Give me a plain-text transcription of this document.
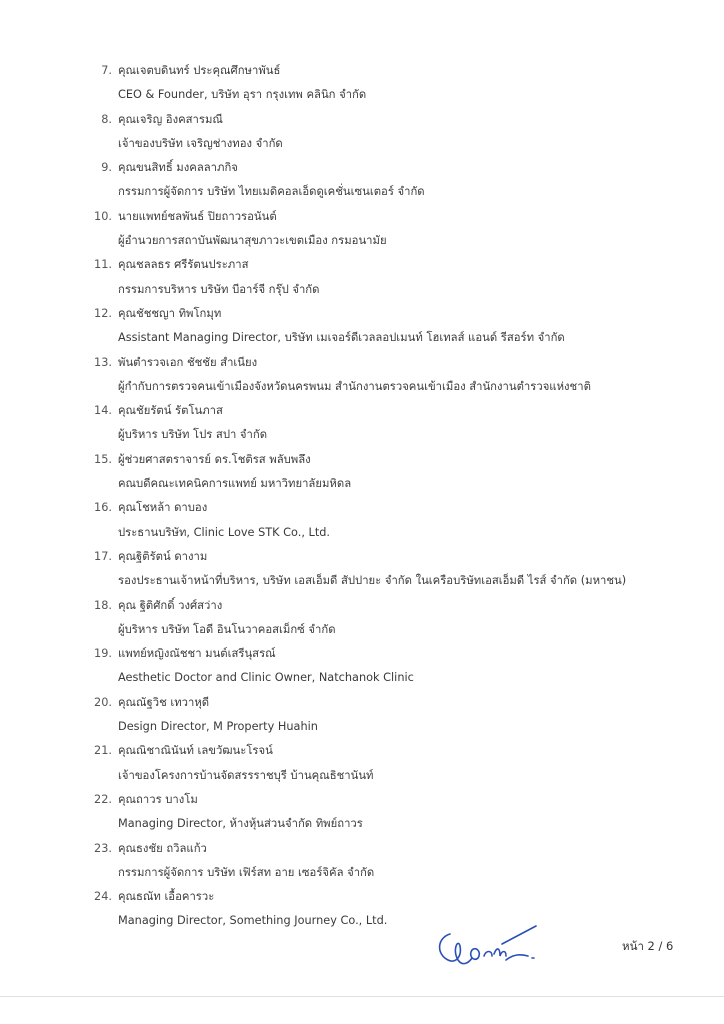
7. คุณเจตบดินทร์ ประคุณศึกษาพันธ์
CEO & Founder, บริษัท อุรา กรุงเทพ คลินิก จำกัด
8. คุณเจริญ อิงคสารมณี
เจ้าของบริษัท เจริญช่างทอง จำกัด
9. คุณขนสิทธิ์ มงคลลาภกิจ
กรรมการผู้จัดการ บริษัท ไทยเมดิคอลเอ็ดดูเคชั่นเซนเตอร์ จำกัด
10. นายแพทย์ชลพันธ์ ปิยถาวรอนันต์
ผู้อำนวยการสถาบันพัฒนาสุขภาวะเขตเมือง กรมอนามัย
11. คุณชลลธร ศรีรัตนประภาส
กรรมการบริหาร บริษัท บีอาร์จี กรุ๊ป จำกัด
12. คุณชัชชญา ทิพโกมุท
Assistant Managing Director, บริษัท เมเจอร์ดีเวลลอปเมนท์ โฮเทลส์ แอนด์ รีสอร์ท จำกัด
13. พันตำรวจเอก ชัชชัย สำเนียง
ผู้กำกับการตรวจคนเข้าเมืองจังหวัดนครพนม สำนักงานตรวจคนเข้าเมือง สำนักงานตำรวจแห่งชาติ
14. คุณชัยรัตน์ รัตโนภาส
ผู้บริหาร บริษัท โปร สปา จำกัด
15. ผู้ช่วยศาสตราจารย์ ดร.โชติรส พลับพลึง
คณบดีคณะเทคนิคการแพทย์ มหาวิทยาลัยมหิดล
16. คุณโชหล้า ดาบอง
ประธานบริษัท, Clinic Love STK Co., Ltd.
17. คุณฐิติรัตน์ ดางาม
รองประธานเจ้าหน้าที่บริหาร, บริษัท เอสเอ็มดี สัปปายะ จำกัด ในเครือบริษัทเอสเอ็มดี ไรส์ จำกัด (มหาชน)
18. คุณ ฐิติศักดิ์ วงศ์สว่าง
ผู้บริหาร บริษัท โอดี อินโนวาคอสเม็กซ์ จำกัด
19. แพทย์หญิงณัชชา มนต์เสรีนุสรณ์
Aesthetic Doctor and Clinic Owner, Natchanok Clinic
20. คุณณัฐวิช เทวาหุดี
Design Director, M Property Huahin
21. คุณณิชาณินันท์ เลขวัฒนะโรจน์
เจ้าของโครงการบ้านจัดสรรราชบุรี บ้านคุณธิชานันท์
22. คุณถาวร บางโม
Managing Director, ห้างหุ้นส่วนจำกัด ทิพย์ถาวร
23. คุณธงชัย ถวิลแก้ว
กรรมการผู้จัดการ บริษัท เฟิร์สท อาย เซอร์จิคัล จำกัด
24. คุณธณัท เอื้อคารวะ
Managing Director, Something Journey Co., Ltd.
หน้า 2 / 6
